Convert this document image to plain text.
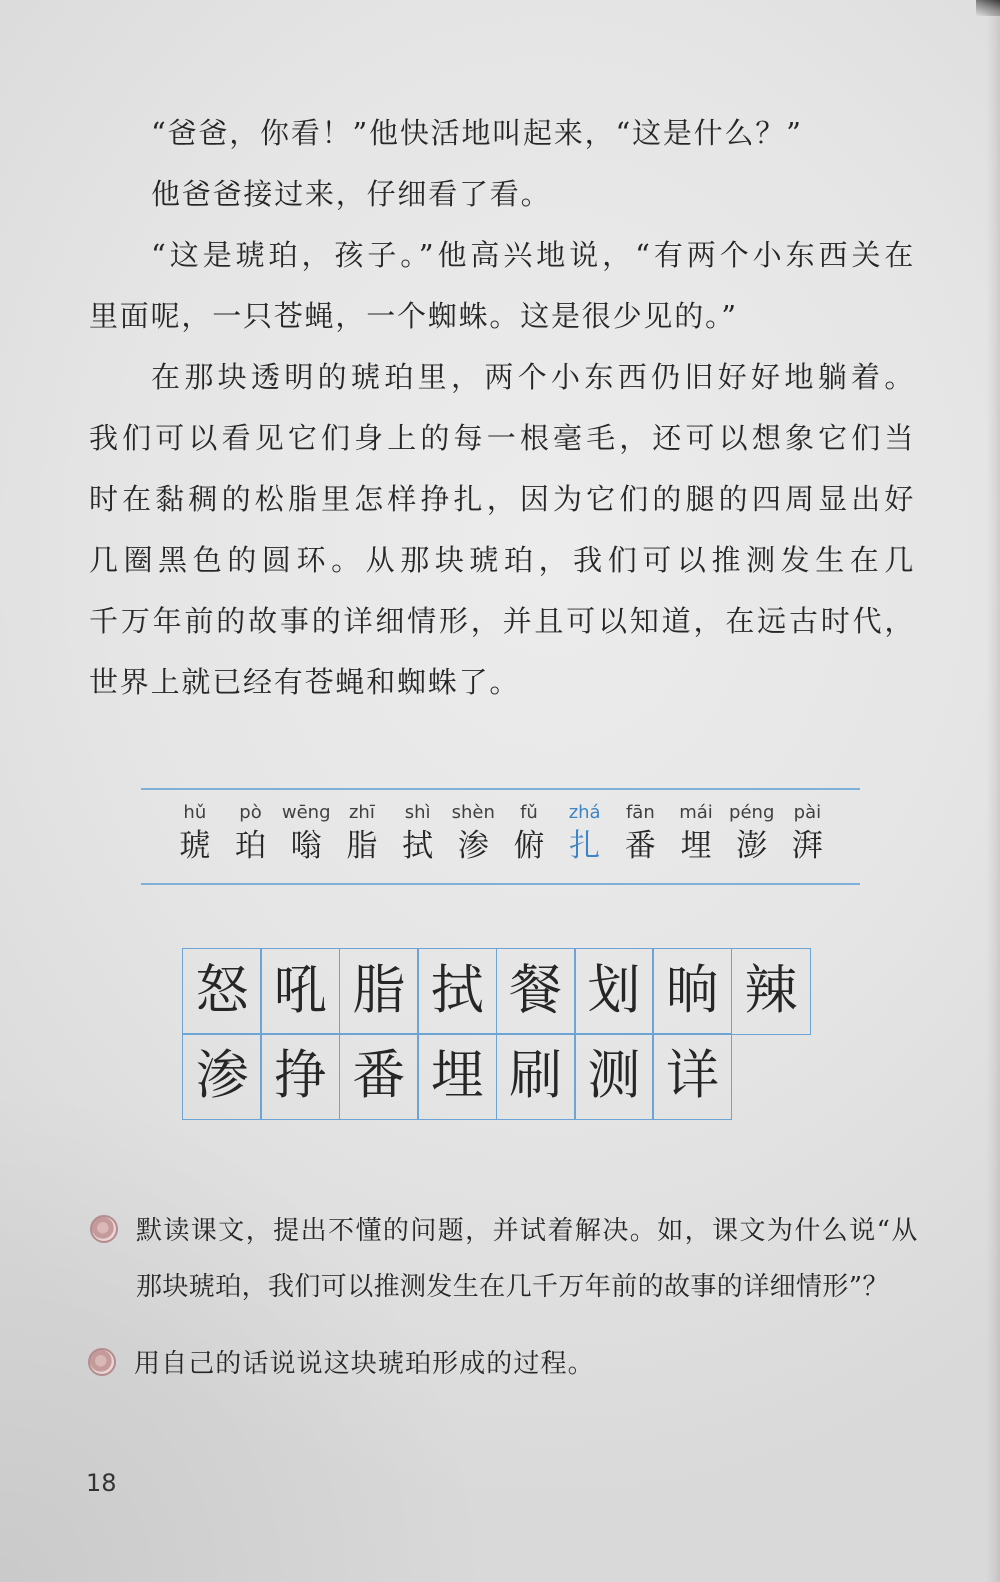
“爸爸，你看！”他快活地叫起来，“这是什么？”
他爸爸接过来，仔细看了看。
“这是琥珀，孩子。”他高兴地说，“有两个小东西关在
里面呢，一只苍蝇，一个蜘蛛。这是很少见的。”
在那块透明的琥珀里，两个小东西仍旧好好地躺着。
我们可以看见它们身上的每一根毫毛，还可以想象它们当
时在黏稠的松脂里怎样挣扎，因为它们的腿的四周显出好
几圈黑色的圆环。从那块琥珀，我们可以推测发生在几
千万年前的故事的详细情形，并且可以知道，在远古时代，
世界上就已经有苍蝇和蜘蛛了。
hǔ
琥
pò
珀
wēng
嗡
zhī
脂
shì
拭
shèn
渗
fǔ
俯
zhá
扎
fān
番
mái
埋
péng
澎
pài
湃
怒 吼 脂 拭 餐 划 晌 辣
渗 挣 番 埋 刷 测 详
默读课文，提出不懂的问题，并试着解决。如，课文为什么说“从
那块琥珀，我们可以推测发生在几千万年前的故事的详细情形”？
用自己的话说说这块琥珀形成的过程。
18
